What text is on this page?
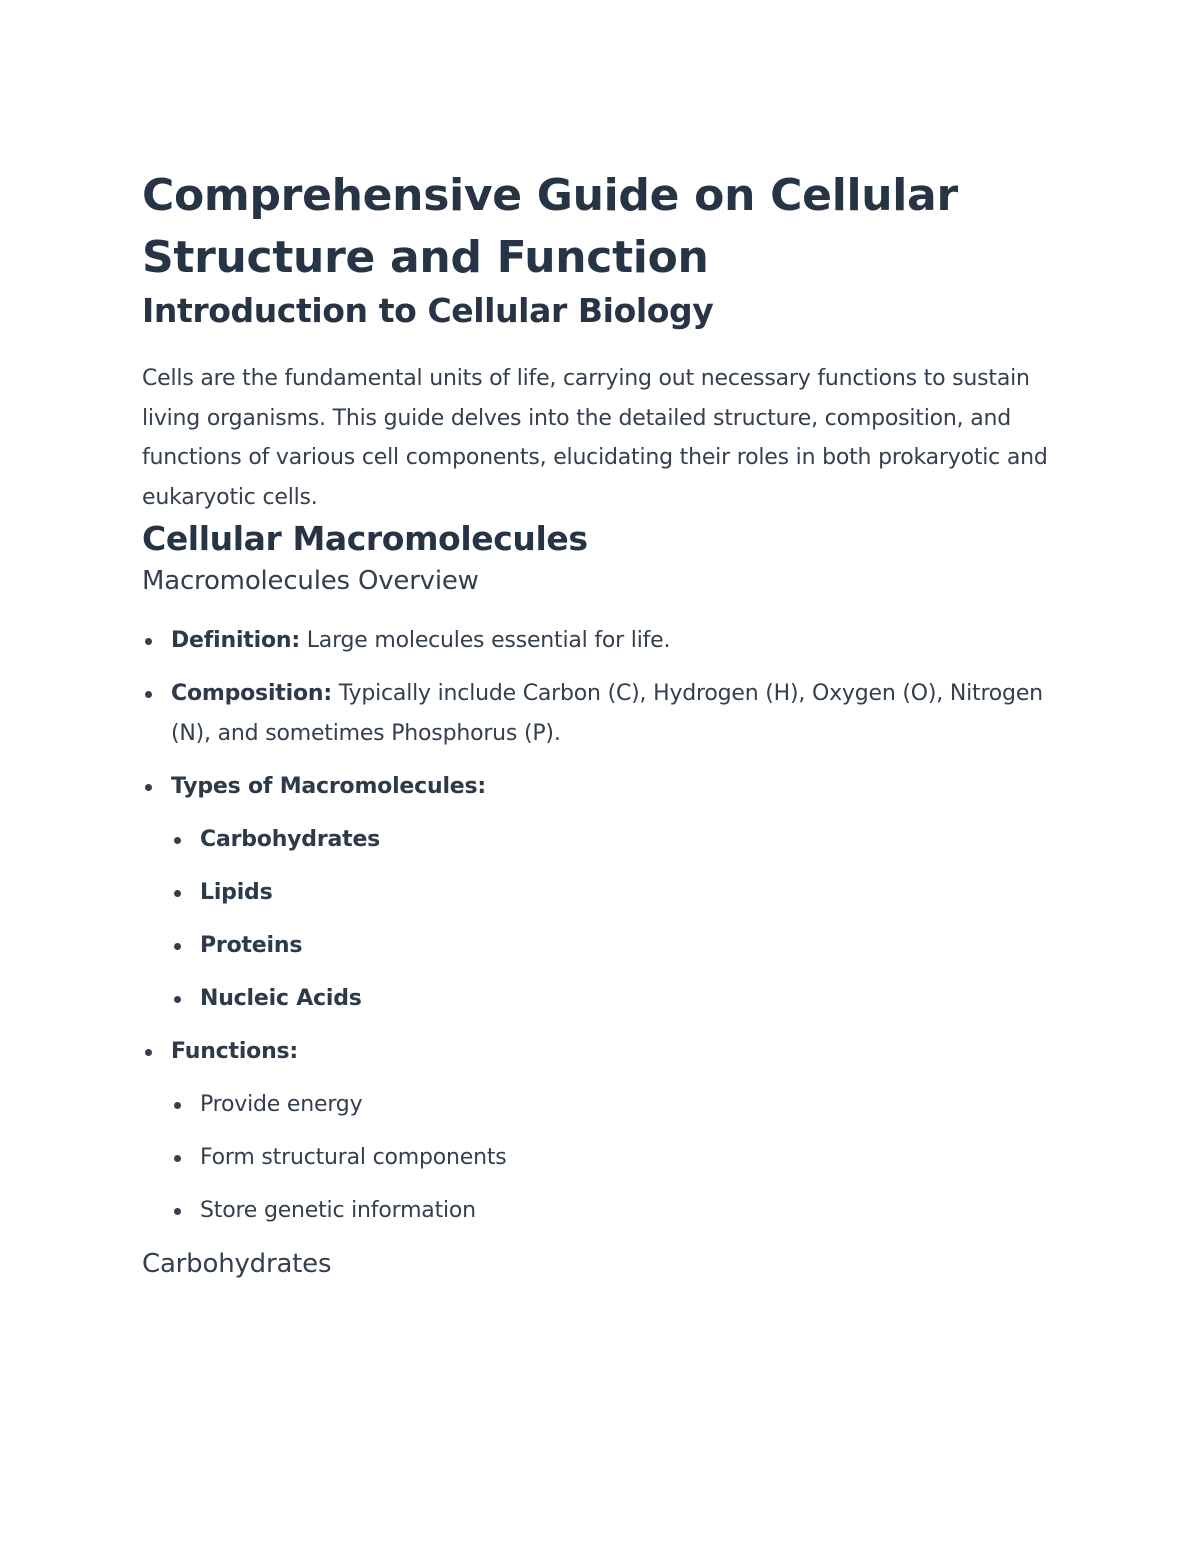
Comprehensive Guide on Cellular Structure and Function
Introduction to Cellular Biology

Cells are the fundamental units of life, carrying out necessary functions to sustain living organisms. This guide delves into the detailed structure, composition, and functions of various cell components, elucidating their roles in both prokaryotic and eukaryotic cells.

Cellular Macromolecules
Macromolecules Overview
Definition: Large molecules essential for life.
Composition: Typically include Carbon (C), Hydrogen (H), Oxygen (O), Nitrogen (N), and sometimes Phosphorus (P).
Types of Macromolecules:
Carbohydrates
Lipids
Proteins
Nucleic Acids
Functions:
Provide energy
Form structural components
Store genetic information
Carbohydrates
